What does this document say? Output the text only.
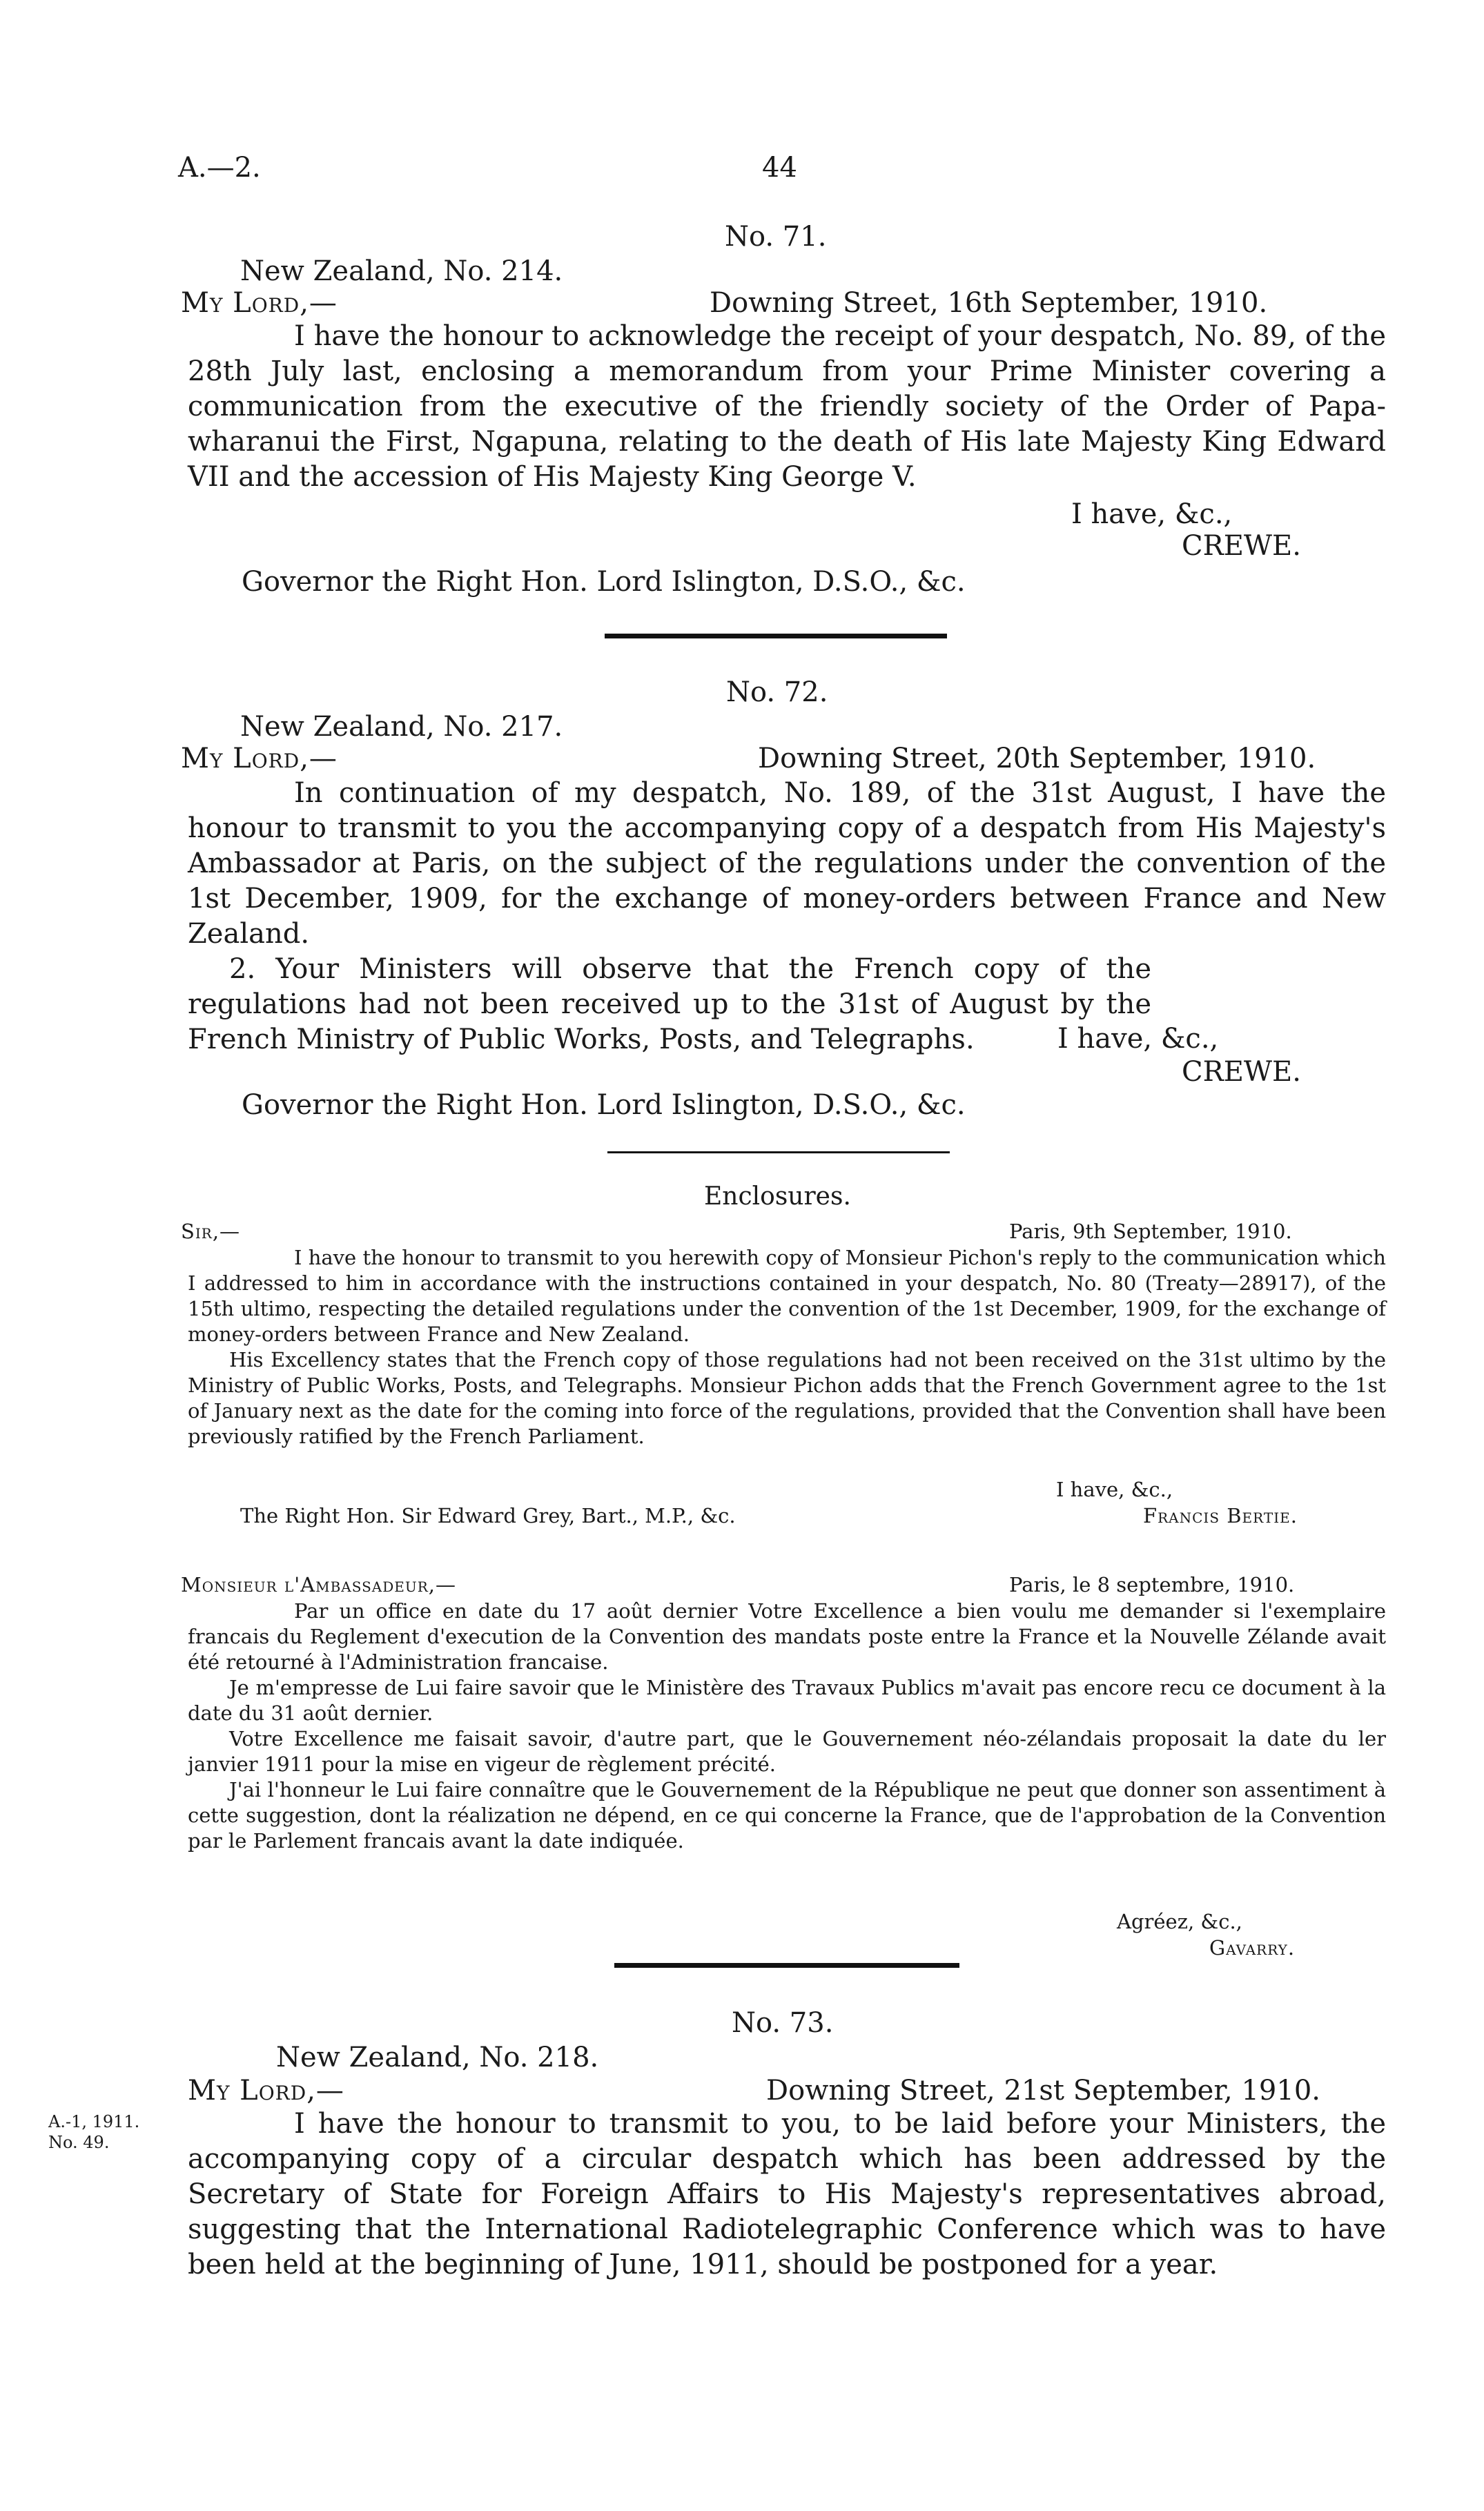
A.—2.	44
No. 71.
New Zealand, No. 214.
My Lord,—	Downing Street, 16th September, 1910.

I have the honour to acknowledge the receipt of your despatch, No. 89, of the 28th July last, enclosing a memorandum from your Prime Minister covering a communication from the executive of the friendly society of the Order of Papa-wharanui the First, Ngapuna, relating to the death of His late Majesty King Edward VII and the accession of His Majesty King George V.

I have, &c.,
CREWE.
Governor the Right Hon. Lord Islington, D.S.O., &c.
No. 72.
New Zealand, No. 217.
My Lord,—	Downing Street, 20th September, 1910.

In continuation of my despatch, No. 189, of the 31st August, I have the honour to transmit to you the accompanying copy of a despatch from His Majesty's Ambassador at Paris, on the subject of the regulations under the convention of the 1st December, 1909, for the exchange of money-orders between France and New Zealand.

2. Your Ministers will observe that the French copy of the regulations had not been received up to the 31st of August by the French Ministry of Public Works, Posts, and Telegraphs.	I have, &c.,
CREWE.
Governor the Right Hon. Lord Islington, D.S.O., &c.
Enclosures.
Sir,—	Paris, 9th September, 1910.

I have the honour to transmit to you herewith copy of Monsieur Pichon's reply to the communication which I addressed to him in accordance with the instructions contained in your despatch, No. 80 (Treaty—28917), of the 15th ultimo, respecting the detailed regulations under the convention of the 1st December, 1909, for the exchange of money-orders between France and New Zealand.

His Excellency states that the French copy of those regulations had not been received on the 31st ultimo by the Ministry of Public Works, Posts, and Telegraphs. Monsieur Pichon adds that the French Government agree to the 1st of January next as the date for the coming into force of the regulations, provided that the Convention shall have been previously ratified by the French Parliament.

I have, &c.,
The Right Hon. Sir Edward Grey, Bart., M.P., &c.	Francis Bertie.
Monsieur l'Ambassadeur,—	Paris, le 8 septembre, 1910.

Par un office en date du 17 août dernier Votre Excellence a bien voulu me demander si l'exemplaire francais du Reglement d'execution de la Convention des mandats poste entre la France et la Nouvelle Zélande avait été retourné à l'Administration francaise.

Je m'empresse de Lui faire savoir que le Ministère des Travaux Publics m'avait pas encore recu ce document à la date du 31 août dernier.

Votre Excellence me faisait savoir, d'autre part, que le Gouvernement néo-zélandais proposait la date du ler janvier 1911 pour la mise en vigeur de règlement précité.

J'ai l'honneur le Lui faire connaître que le Gouvernement de la République ne peut que donner son assentiment à cette suggestion, dont la réalization ne dépend, en ce qui concerne la France, que de l'approbation de la Convention par le Parlement francais avant la date indiquée.

Agréez, &c.,
Gavarry.
No. 73.
New Zealand, No. 218.
My Lord,—	Downing Street, 21st September, 1910.
A.-1, 1911.
No. 49.

I have the honour to transmit to you, to be laid before your Ministers, the accompanying copy of a circular despatch which has been addressed by the Secretary of State for Foreign Affairs to His Majesty's representatives abroad, suggesting that the International Radiotelegraphic Conference which was to have been held at the beginning of June, 1911, should be postponed for a year.
